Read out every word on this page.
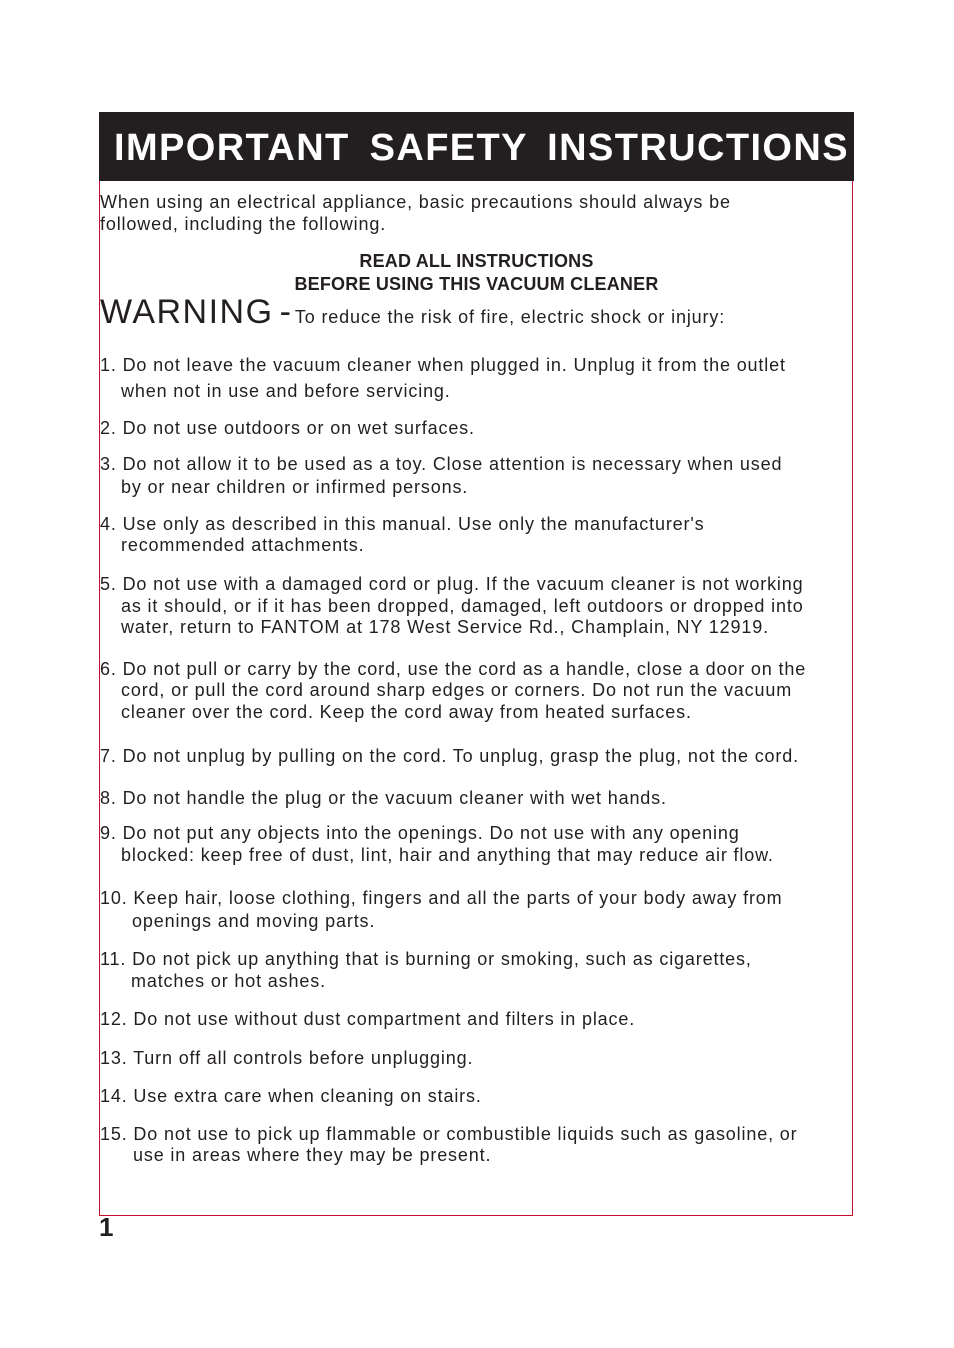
IMPORTANT SAFETY INSTRUCTIONS
When using an electrical appliance, basic precautions should always be
followed, including the following.
READ ALL INSTRUCTIONS
BEFORE USING THIS VACUUM CLEANER
WARNING - To reduce the risk of fire, electric shock or injury:
1. Do not leave the vacuum cleaner when plugged in. Unplug it from the outlet
when not in use and before servicing.
2. Do not use outdoors or on wet surfaces.
3. Do not allow it to be used as a toy. Close attention is necessary when used
by or near children or infirmed persons.
4. Use only as described in this manual. Use only the manufacturer's
recommended attachments.
5. Do not use with a damaged cord or plug. If the vacuum cleaner is not working
as it should, or if it has been dropped, damaged, left outdoors or dropped into
water, return to FANTOM at 178 West Service Rd., Champlain, NY 12919.
6. Do not pull or carry by the cord, use the cord as a handle, close a door on the
cord, or pull the cord around sharp edges or corners. Do not run the vacuum
cleaner over the cord. Keep the cord away from heated surfaces.
7. Do not unplug by pulling on the cord. To unplug, grasp the plug, not the cord.
8. Do not handle the plug or the vacuum cleaner with wet hands.
9. Do not put any objects into the openings. Do not use with any opening
blocked: keep free of dust, lint, hair and anything that may reduce air flow.
10. Keep hair, loose clothing, fingers and all the parts of your body away from
openings and moving parts.
11. Do not pick up anything that is burning or smoking, such as cigarettes,
matches or hot ashes.
12. Do not use without dust compartment and filters in place.
13. Turn off all controls before unplugging.
14. Use extra care when cleaning on stairs.
15. Do not use to pick up flammable or combustible liquids such as gasoline, or
use in areas where they may be present.
1
